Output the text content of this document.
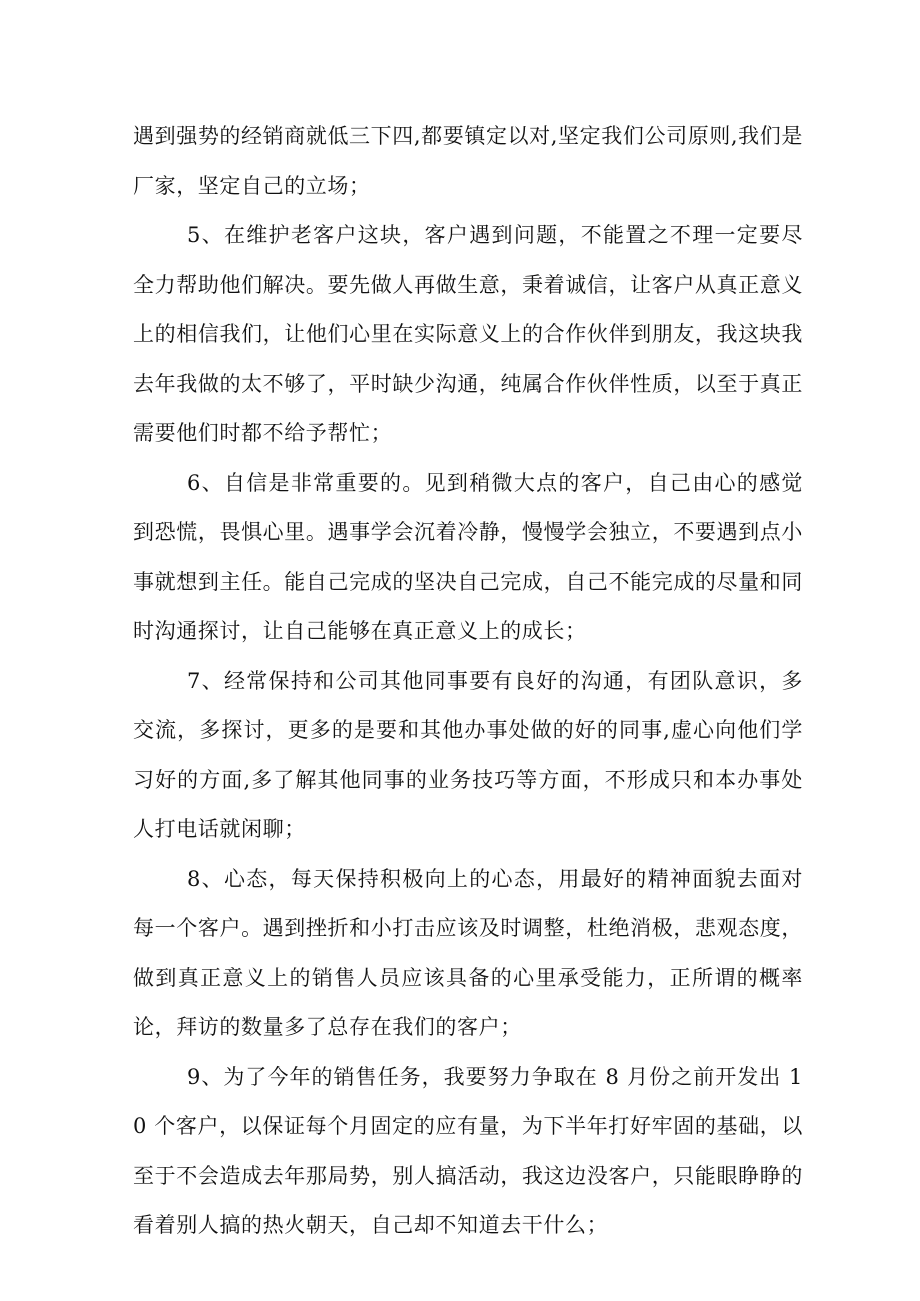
遇到强势的经销商就低三下四,都要镇定以对,坚定我们公司原则,我们是厂家，坚定自己的立场；

5、在维护老客户这块，客户遇到问题，不能置之不理一定要尽全力帮助他们解决。要先做人再做生意，秉着诚信，让客户从真正意义上的相信我们，让他们心里在实际意义上的合作伙伴到朋友，我这块我去年我做的太不够了，平时缺少沟通，纯属合作伙伴性质，以至于真正需要他们时都不给予帮忙；

6、自信是非常重要的。见到稍微大点的客户，自己由心的感觉到恐慌，畏惧心里。遇事学会沉着冷静，慢慢学会独立，不要遇到点小事就想到主任。能自己完成的坚决自己完成，自己不能完成的尽量和同时沟通探讨，让自己能够在真正意义上的成长；

7、经常保持和公司其他同事要有良好的沟通，有团队意识，多交流，多探讨，更多的是要和其他办事处做的好的同事,虚心向他们学习好的方面,多了解其他同事的业务技巧等方面，不形成只和本办事处人打电话就闲聊；

8、心态，每天保持积极向上的心态，用最好的精神面貌去面对每一个客户。遇到挫折和小打击应该及时调整，杜绝消极，悲观态度，做到真正意义上的销售人员应该具备的心里承受能力，正所谓的概率论，拜访的数量多了总存在我们的客户；

9、为了今年的销售任务，我要努力争取在 8 月份之前开发出 10 个客户，以保证每个月固定的应有量，为下半年打好牢固的基础，以至于不会造成去年那局势，别人搞活动，我这边没客户，只能眼睁睁的看着别人搞的热火朝天，自己却不知道去干什么；
